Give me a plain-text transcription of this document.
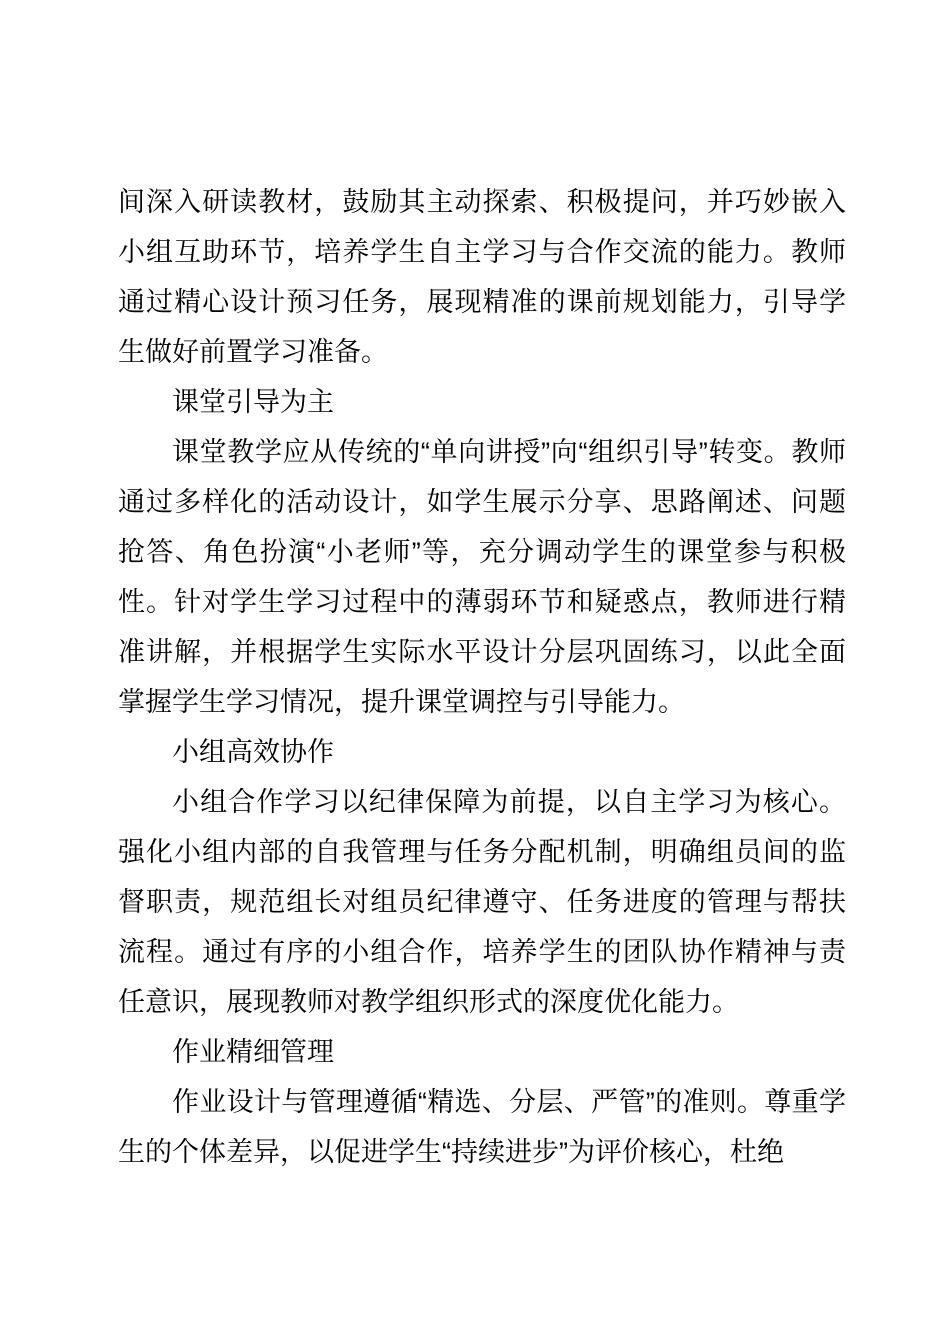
间深入研读教材，鼓励其主动探索、积极提问，并巧妙嵌入小组互助环节，培养学生自主学习与合作交流的能力。教师通过精心设计预习任务，展现精准的课前规划能力，引导学生做好前置学习准备。

课堂引导为主

课堂教学应从传统的“单向讲授”向“组织引导”转变。教师通过多样化的活动设计，如学生展示分享、思路阐述、问题抢答、角色扮演“小老师”等，充分调动学生的课堂参与积极性。针对学生学习过程中的薄弱环节和疑惑点，教师进行精准讲解，并根据学生实际水平设计分层巩固练习，以此全面掌握学生学习情况，提升课堂调控与引导能力。

小组高效协作

小组合作学习以纪律保障为前提，以自主学习为核心。强化小组内部的自我管理与任务分配机制，明确组员间的监督职责，规范组长对组员纪律遵守、任务进度的管理与帮扶流程。通过有序的小组合作，培养学生的团队协作精神与责任意识，展现教师对教学组织形式的深度优化能力。

作业精细管理

作业设计与管理遵循“精选、分层、严管”的准则。尊重学生的个体差异，以促进学生“持续进步”为评价核心，杜绝
